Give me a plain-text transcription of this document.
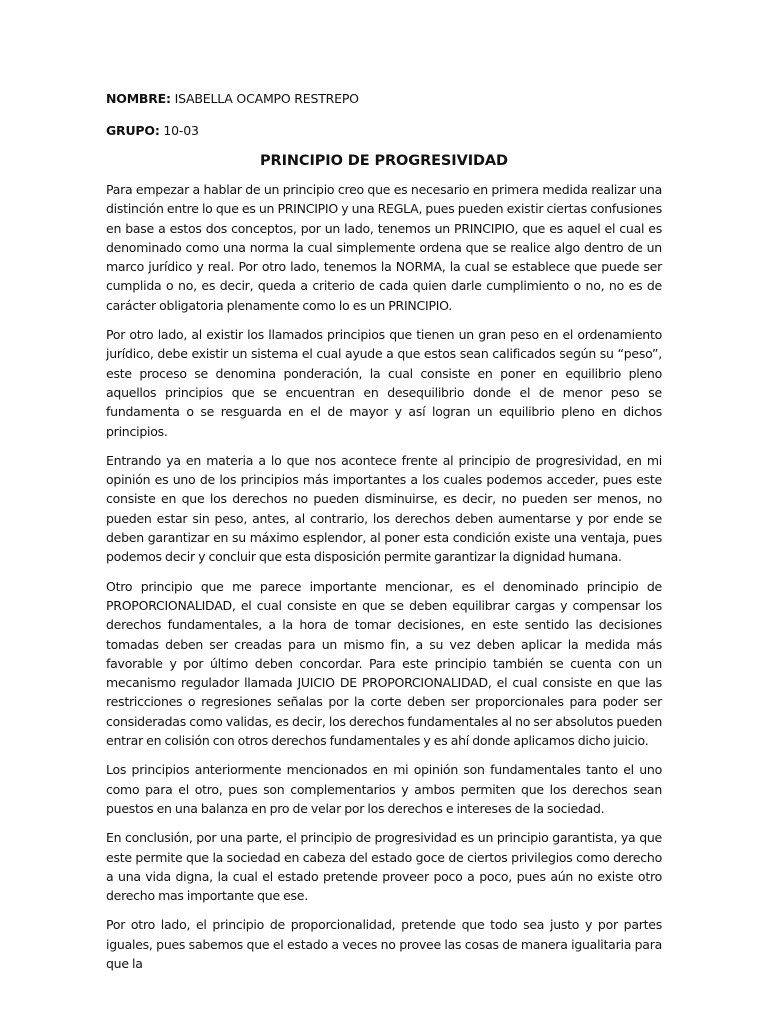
NOMBRE: ISABELLA OCAMPO RESTREPO

GRUPO: 10-03

PRINCIPIO DE PROGRESIVIDAD

Para empezar a hablar de un principio creo que es necesario en primera medida realizar una distinción entre lo que es un PRINCIPIO y una REGLA, pues pueden existir ciertas confusiones en base a estos dos conceptos, por un lado, tenemos un PRINCIPIO, que es aquel el cual es denominado como una norma la cual simplemente ordena que se realice algo dentro de un marco jurídico y real. Por otro lado, tenemos la NORMA, la cual se establece que puede ser cumplida o no, es decir, queda a criterio de cada quien darle cumplimiento o no, no es de carácter obligatoria plenamente como lo es un PRINCIPIO.

Por otro lado, al existir los llamados principios que tienen un gran peso en el ordenamiento jurídico, debe existir un sistema el cual ayude a que estos sean calificados según su “peso”, este proceso se denomina ponderación, la cual consiste en poner en equilibrio pleno aquellos principios que se encuentran en desequilibrio donde el de menor peso se fundamenta o se resguarda en el de mayor y así logran un equilibrio pleno en dichos principios.

Entrando ya en materia a lo que nos acontece frente al principio de progresividad, en mi opinión es uno de los principios más importantes a los cuales podemos acceder, pues este consiste en que los derechos no pueden disminuirse, es decir, no pueden ser menos, no pueden estar sin peso, antes, al contrario, los derechos deben aumentarse y por ende se deben garantizar en su máximo esplendor, al poner esta condición existe una ventaja, pues podemos decir y concluir que esta disposición permite garantizar la dignidad humana.

Otro principio que me parece importante mencionar, es el denominado principio de PROPORCIONALIDAD, el cual consiste en que se deben equilibrar cargas y compensar los derechos fundamentales, a la hora de tomar decisiones, en este sentido las decisiones tomadas deben ser creadas para un mismo fin, a su vez deben aplicar la medida más favorable y por último deben concordar. Para este principio también se cuenta con un mecanismo regulador llamada JUICIO DE PROPORCIONALIDAD, el cual consiste en que las restricciones o regresiones señalas por la corte deben ser proporcionales para poder ser consideradas como validas, es decir, los derechos fundamentales al no ser absolutos pueden entrar en colisión con otros derechos fundamentales y es ahí donde aplicamos dicho juicio.

Los principios anteriormente mencionados en mi opinión son fundamentales tanto el uno como para el otro, pues son complementarios y ambos permiten que los derechos sean puestos en una balanza en pro de velar por los derechos e intereses de la sociedad.

En conclusión, por una parte, el principio de progresividad es un principio garantista, ya que este permite que la sociedad en cabeza del estado goce de ciertos privilegios como derecho a una vida digna, la cual el estado pretende proveer poco a poco, pues aún no existe otro derecho mas importante que ese.

Por otro lado, el principio de proporcionalidad, pretende que todo sea justo y por partes iguales, pues sabemos que el estado a veces no provee las cosas de manera igualitaria para que la
